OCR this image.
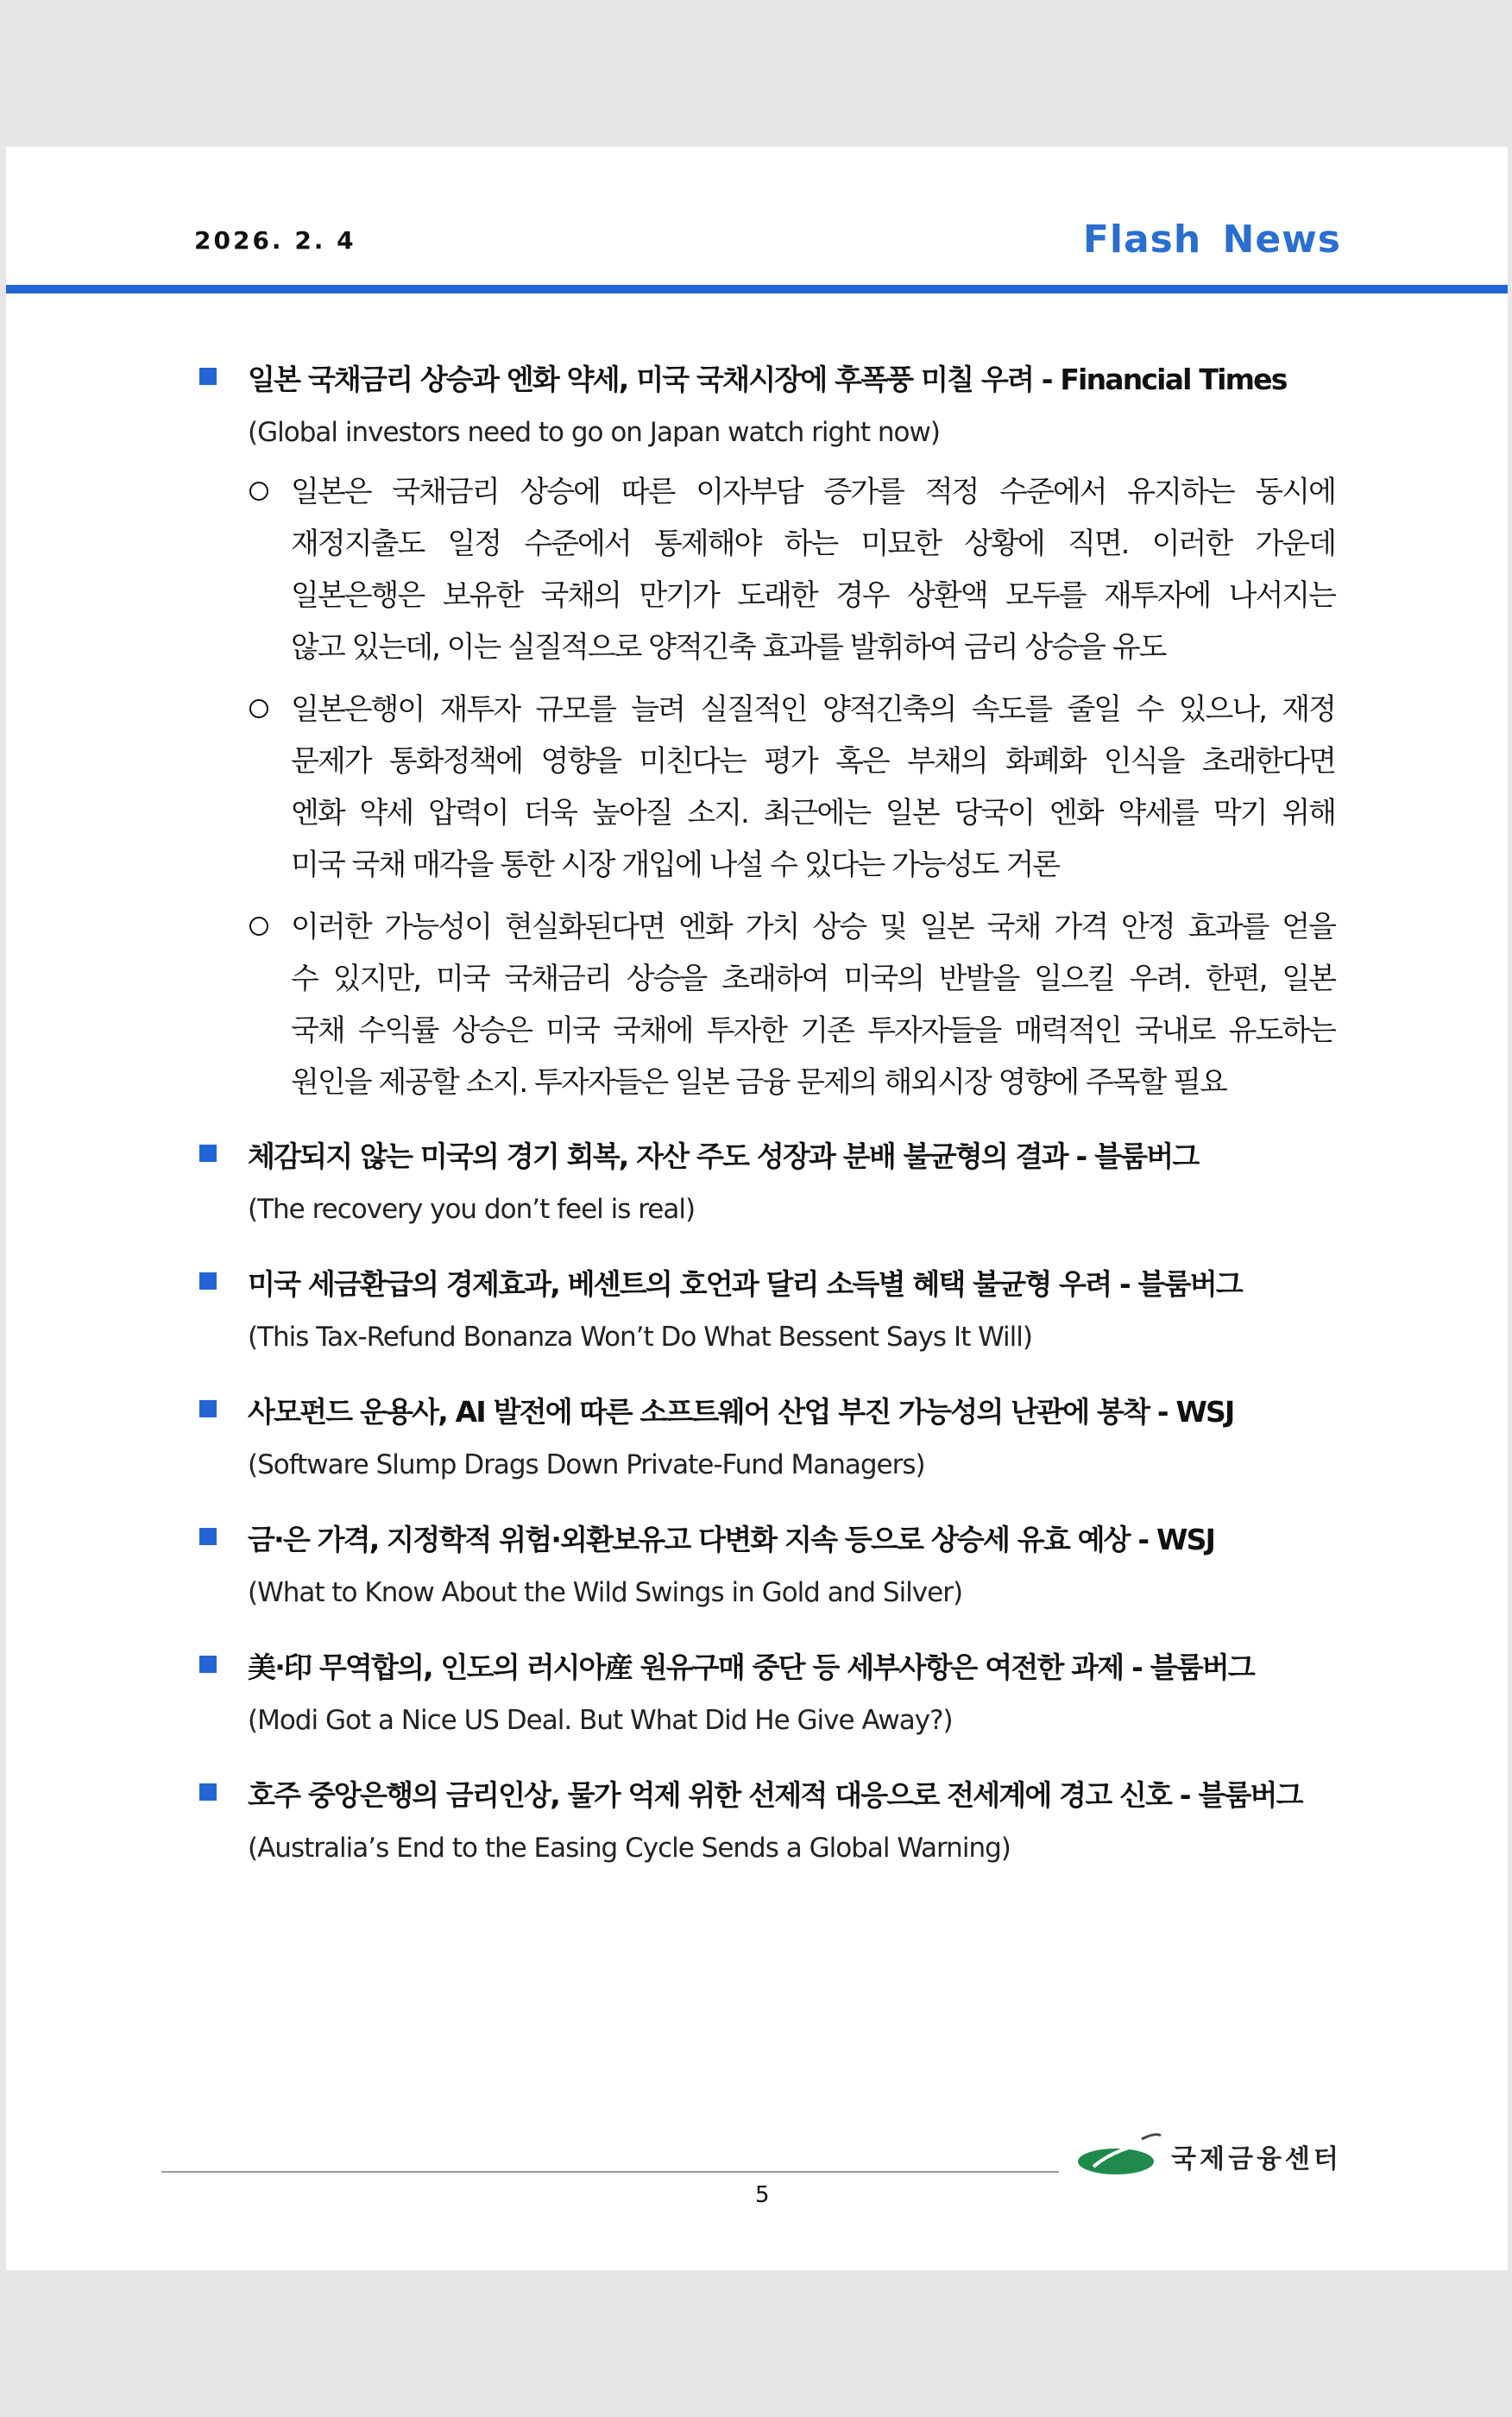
2026. 2. 4	Flash News
일본 국채금리 상승과 엔화 약세, 미국 국채시장에 후폭풍 미칠 우려 - Financial Times
(Global investors need to go on Japan watch right now)
일본은 국채금리 상승에 따른 이자부담 증가를 적정 수준에서 유지하는 동시에
재정지출도 일정 수준에서 통제해야 하는 미묘한 상황에 직면. 이러한 가운데
일본은행은 보유한 국채의 만기가 도래한 경우 상환액 모두를 재투자에 나서지는
않고 있는데, 이는 실질적으로 양적긴축 효과를 발휘하여 금리 상승을 유도
일본은행이 재투자 규모를 늘려 실질적인 양적긴축의 속도를 줄일 수 있으나, 재정
문제가 통화정책에 영향을 미친다는 평가 혹은 부채의 화폐화 인식을 초래한다면
엔화 약세 압력이 더욱 높아질 소지. 최근에는 일본 당국이 엔화 약세를 막기 위해
미국 국채 매각을 통한 시장 개입에 나설 수 있다는 가능성도 거론
이러한 가능성이 현실화된다면 엔화 가치 상승 및 일본 국채 가격 안정 효과를 얻을
수 있지만, 미국 국채금리 상승을 초래하여 미국의 반발을 일으킬 우려. 한편, 일본
국채 수익률 상승은 미국 국채에 투자한 기존 투자자들을 매력적인 국내로 유도하는
원인을 제공할 소지. 투자자들은 일본 금융 문제의 해외시장 영향에 주목할 필요
체감되지 않는 미국의 경기 회복, 자산 주도 성장과 분배 불균형의 결과 - 블룸버그
(The recovery you don’t feel is real)
미국 세금환급의 경제효과, 베센트의 호언과 달리 소득별 혜택 불균형 우려 - 블룸버그
(This Tax-Refund Bonanza Won’t Do What Bessent Says It Will)
사모펀드 운용사, AI 발전에 따른 소프트웨어 산업 부진 가능성의 난관에 봉착 - WSJ
(Software Slump Drags Down Private-Fund Managers)
금·은 가격, 지정학적 위험·외환보유고 다변화 지속 등으로 상승세 유효 예상 - WSJ
(What to Know About the Wild Swings in Gold and Silver)
美·印 무역합의, 인도의 러시아産 원유구매 중단 등 세부사항은 여전한 과제 - 블룸버그
(Modi Got a Nice US Deal. But What Did He Give Away?)
호주 중앙은행의 금리인상, 물가 억제 위한 선제적 대응으로 전세계에 경고 신호 - 블룸버그
(Australia’s End to the Easing Cycle Sends a Global Warning)
국제금융센터
5
